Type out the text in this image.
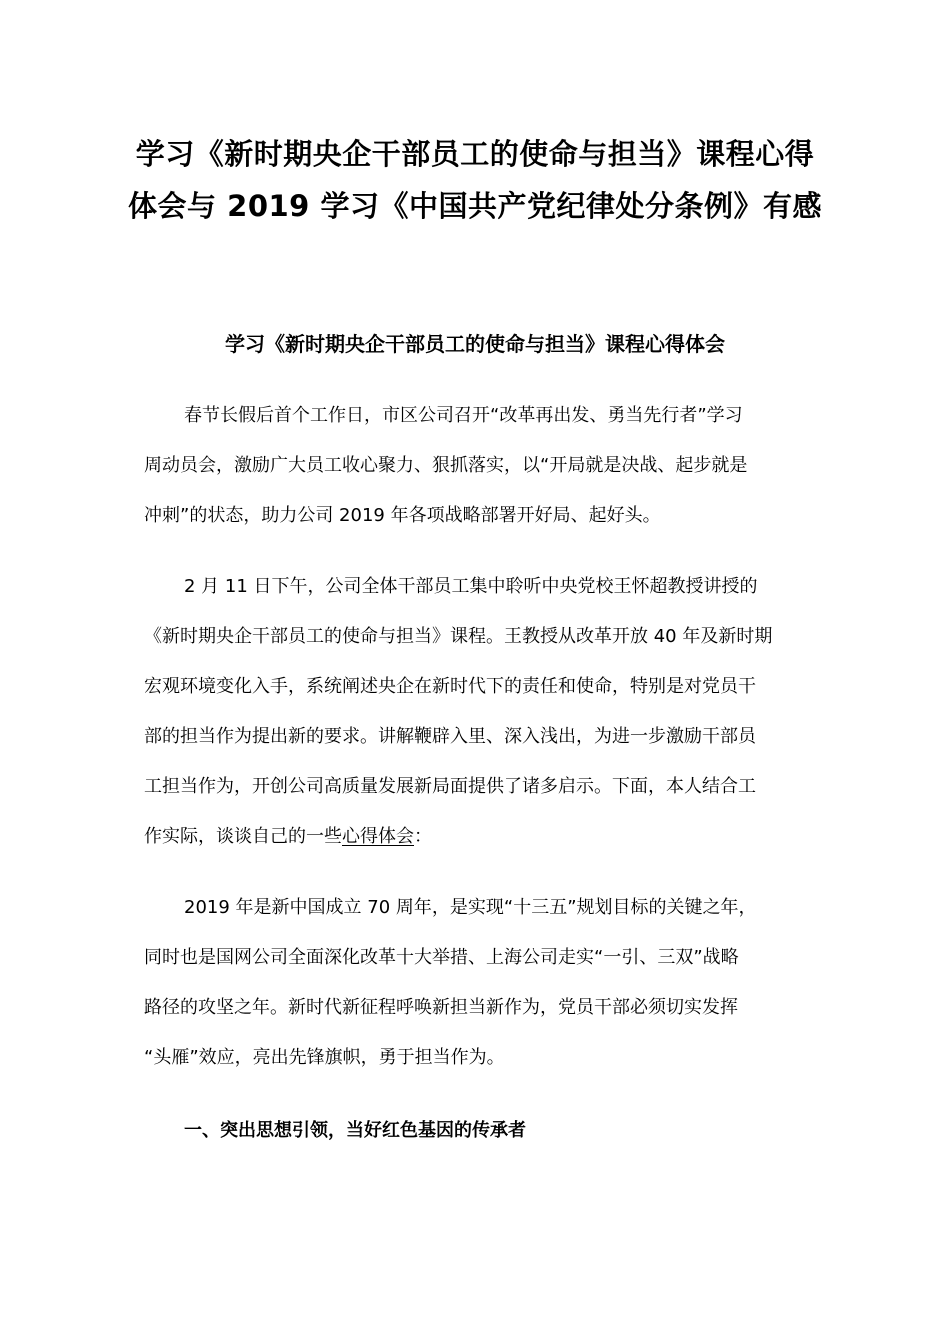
学习《新时期央企干部员工的使命与担当》课程心得
体会与 2019 学习《中国共产党纪律处分条例》有感
学习《新时期央企干部员工的使命与担当》课程心得体会
春节长假后首个工作日，市区公司召开“改革再出发、勇当先行者”学习
周动员会，激励广大员工收心聚力、狠抓落实，以“开局就是决战、起步就是
冲刺”的状态，助力公司 2019 年各项战略部署开好局、起好头。
2 月 11 日下午，公司全体干部员工集中聆听中央党校王怀超教授讲授的
《新时期央企干部员工的使命与担当》课程。王教授从改革开放 40 年及新时期
宏观环境变化入手，系统阐述央企在新时代下的责任和使命，特别是对党员干
部的担当作为提出新的要求。讲解鞭辟入里、深入浅出，为进一步激励干部员
工担当作为，开创公司高质量发展新局面提供了诸多启示。下面，本人结合工
作实际，谈谈自己的一些心得体会：
2019 年是新中国成立 70 周年，是实现“十三五”规划目标的关键之年，
同时也是国网公司全面深化改革十大举措、上海公司走实“一引、三双”战略
路径的攻坚之年。新时代新征程呼唤新担当新作为，党员干部必须切实发挥
“头雁”效应，亮出先锋旗帜，勇于担当作为。
一、突出思想引领，当好红色基因的传承者
